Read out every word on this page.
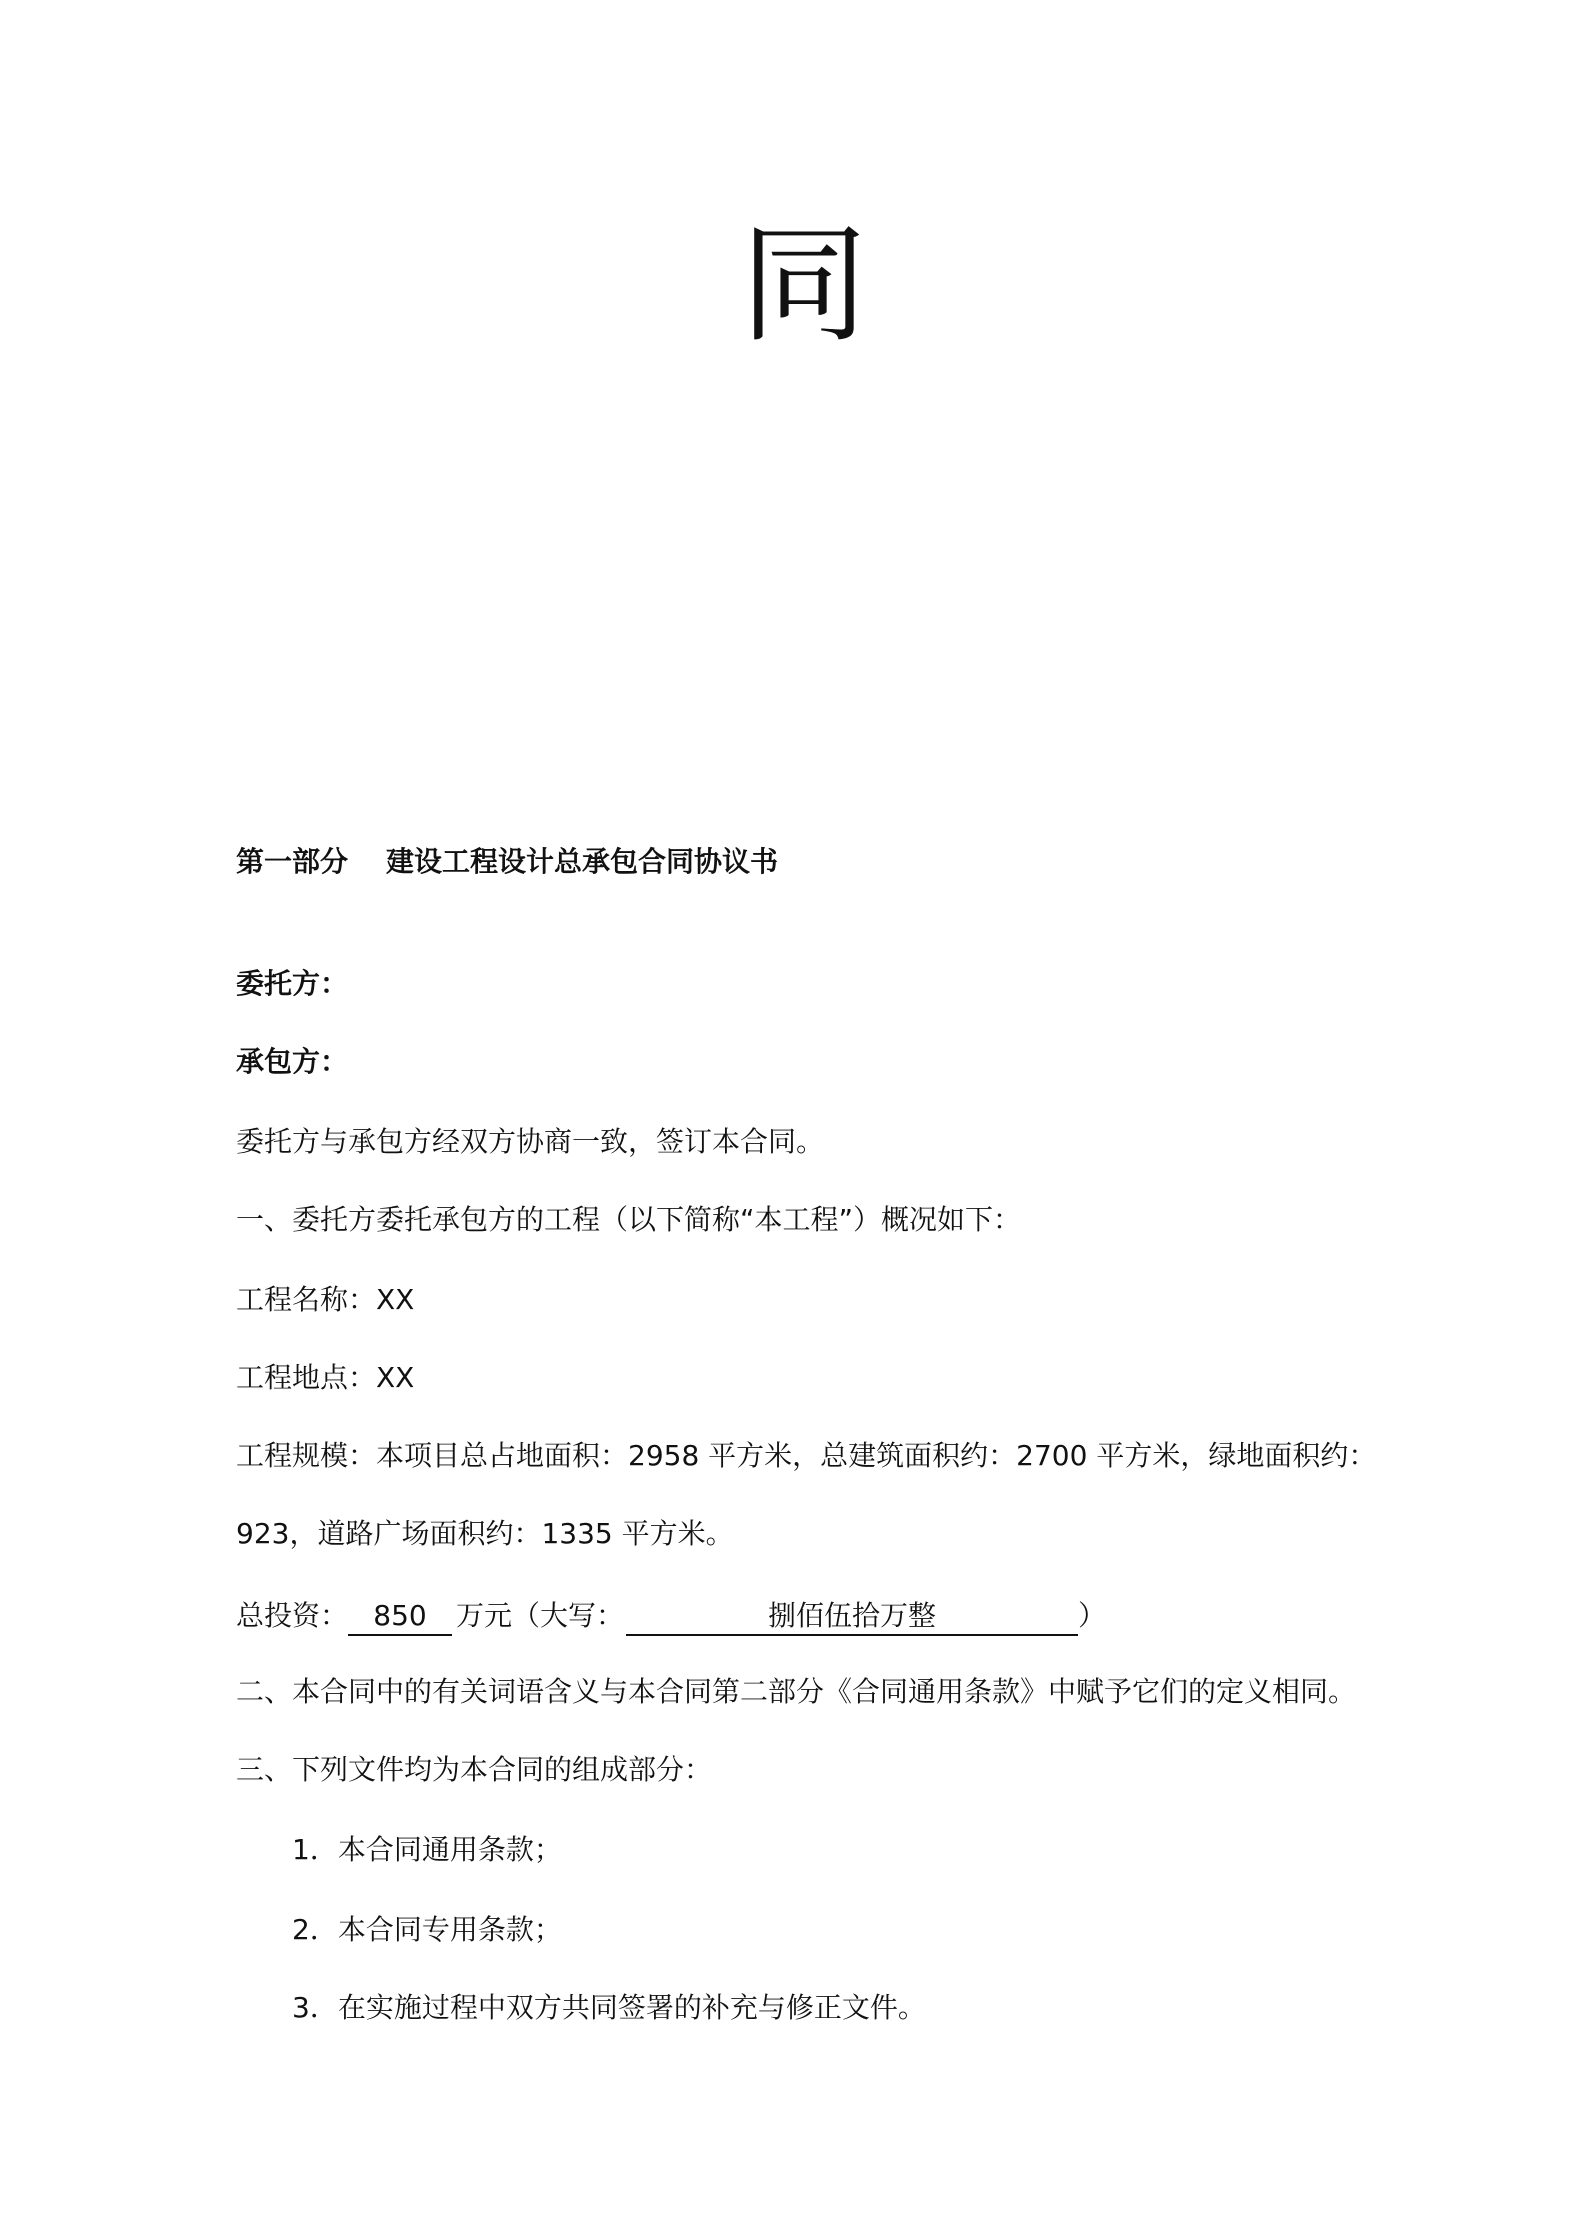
同
第一部分 建设工程设计总承包合同协议书
委托方：
承包方：
委托方与承包方经双方协商一致，签订本合同。
一、委托方委托承包方的工程（以下简称“本工程”）概况如下：
工程名称：XX
工程地点：XX
工程规模：本项目总占地面积：2958 平方米，总建筑面积约：2700 平方米，绿地面积约：
923，道路广场面积约：1335 平方米。
总投资： 850 万元（大写：	捌佰伍拾万整	）
二、本合同中的有关词语含义与本合同第二部分《合同通用条款》中赋予它们的定义相同。
三、下列文件均为本合同的组成部分：
1．本合同通用条款；
2．本合同专用条款；
3．在实施过程中双方共同签署的补充与修正文件。
